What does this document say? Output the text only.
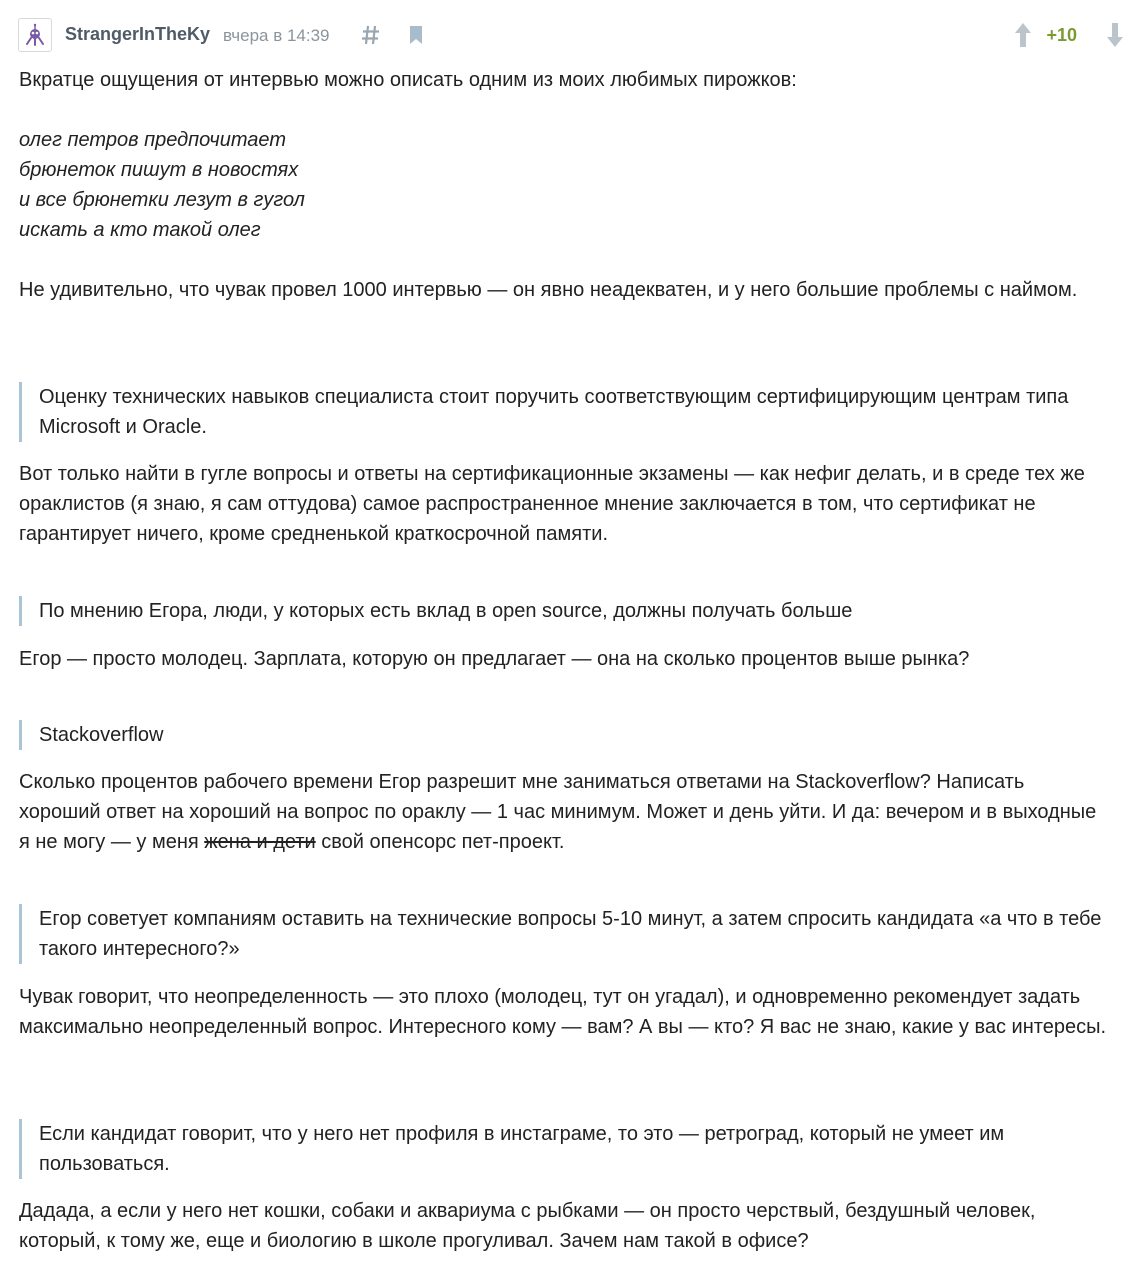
StrangerInTheKy вчера в 14:39	+10

Вкратце ощущения от интервью можно описать одним из моих любимых пирожков:

олег петров предпочитает

брюнеток пишут в новостях

и все брюнетки лезут в гугол

искать а кто такой олег

Не удивительно, что чувак провел 1000 интервью — он явно неадекватен, и у него большие проблемы с наймом.

Оценку технических навыков специалиста стоит поручить соответствующим сертифицирующим центрам типа Microsoft и Oracle.

Вот только найти в гугле вопросы и ответы на сертификационные экзамены — как нефиг делать, и в среде тех же ораклистов (я знаю, я сам оттудова) самое распространенное мнение заключается в том, что сертификат не гарантирует ничего, кроме средненькой краткосрочной памяти.

По мнению Егора, люди, у которых есть вклад в open source, должны получать больше

Егор — просто молодец. Зарплата, которую он предлагает — она на сколько процентов выше рынка?

Stackoverflow

Сколько процентов рабочего времени Егор разрешит мне заниматься ответами на Stackoverflow? Написать хороший ответ на хороший на вопрос по ораклу — 1 час минимум. Может и день уйти. И да: вечером и в выходные я не могу — у меня жена и дети свой опенсорс пет-проект.

Егор советует компаниям оставить на технические вопросы 5-10 минут, а затем спросить кандидата «а что в тебе такого интересного?»

Чувак говорит, что неопределенность — это плохо (молодец, тут он угадал), и одновременно рекомендует задать максимально неопределенный вопрос. Интересного кому — вам? А вы — кто? Я вас не знаю, какие у вас интересы.

Если кандидат говорит, что у него нет профиля в инстаграме, то это — ретроград, который не умеет им пользоваться.

Дадада, а если у него нет кошки, собаки и аквариума с рыбками — он просто черствый, бездушный человек, который, к тому же, еще и биологию в школе прогуливал. Зачем нам такой в офисе?
